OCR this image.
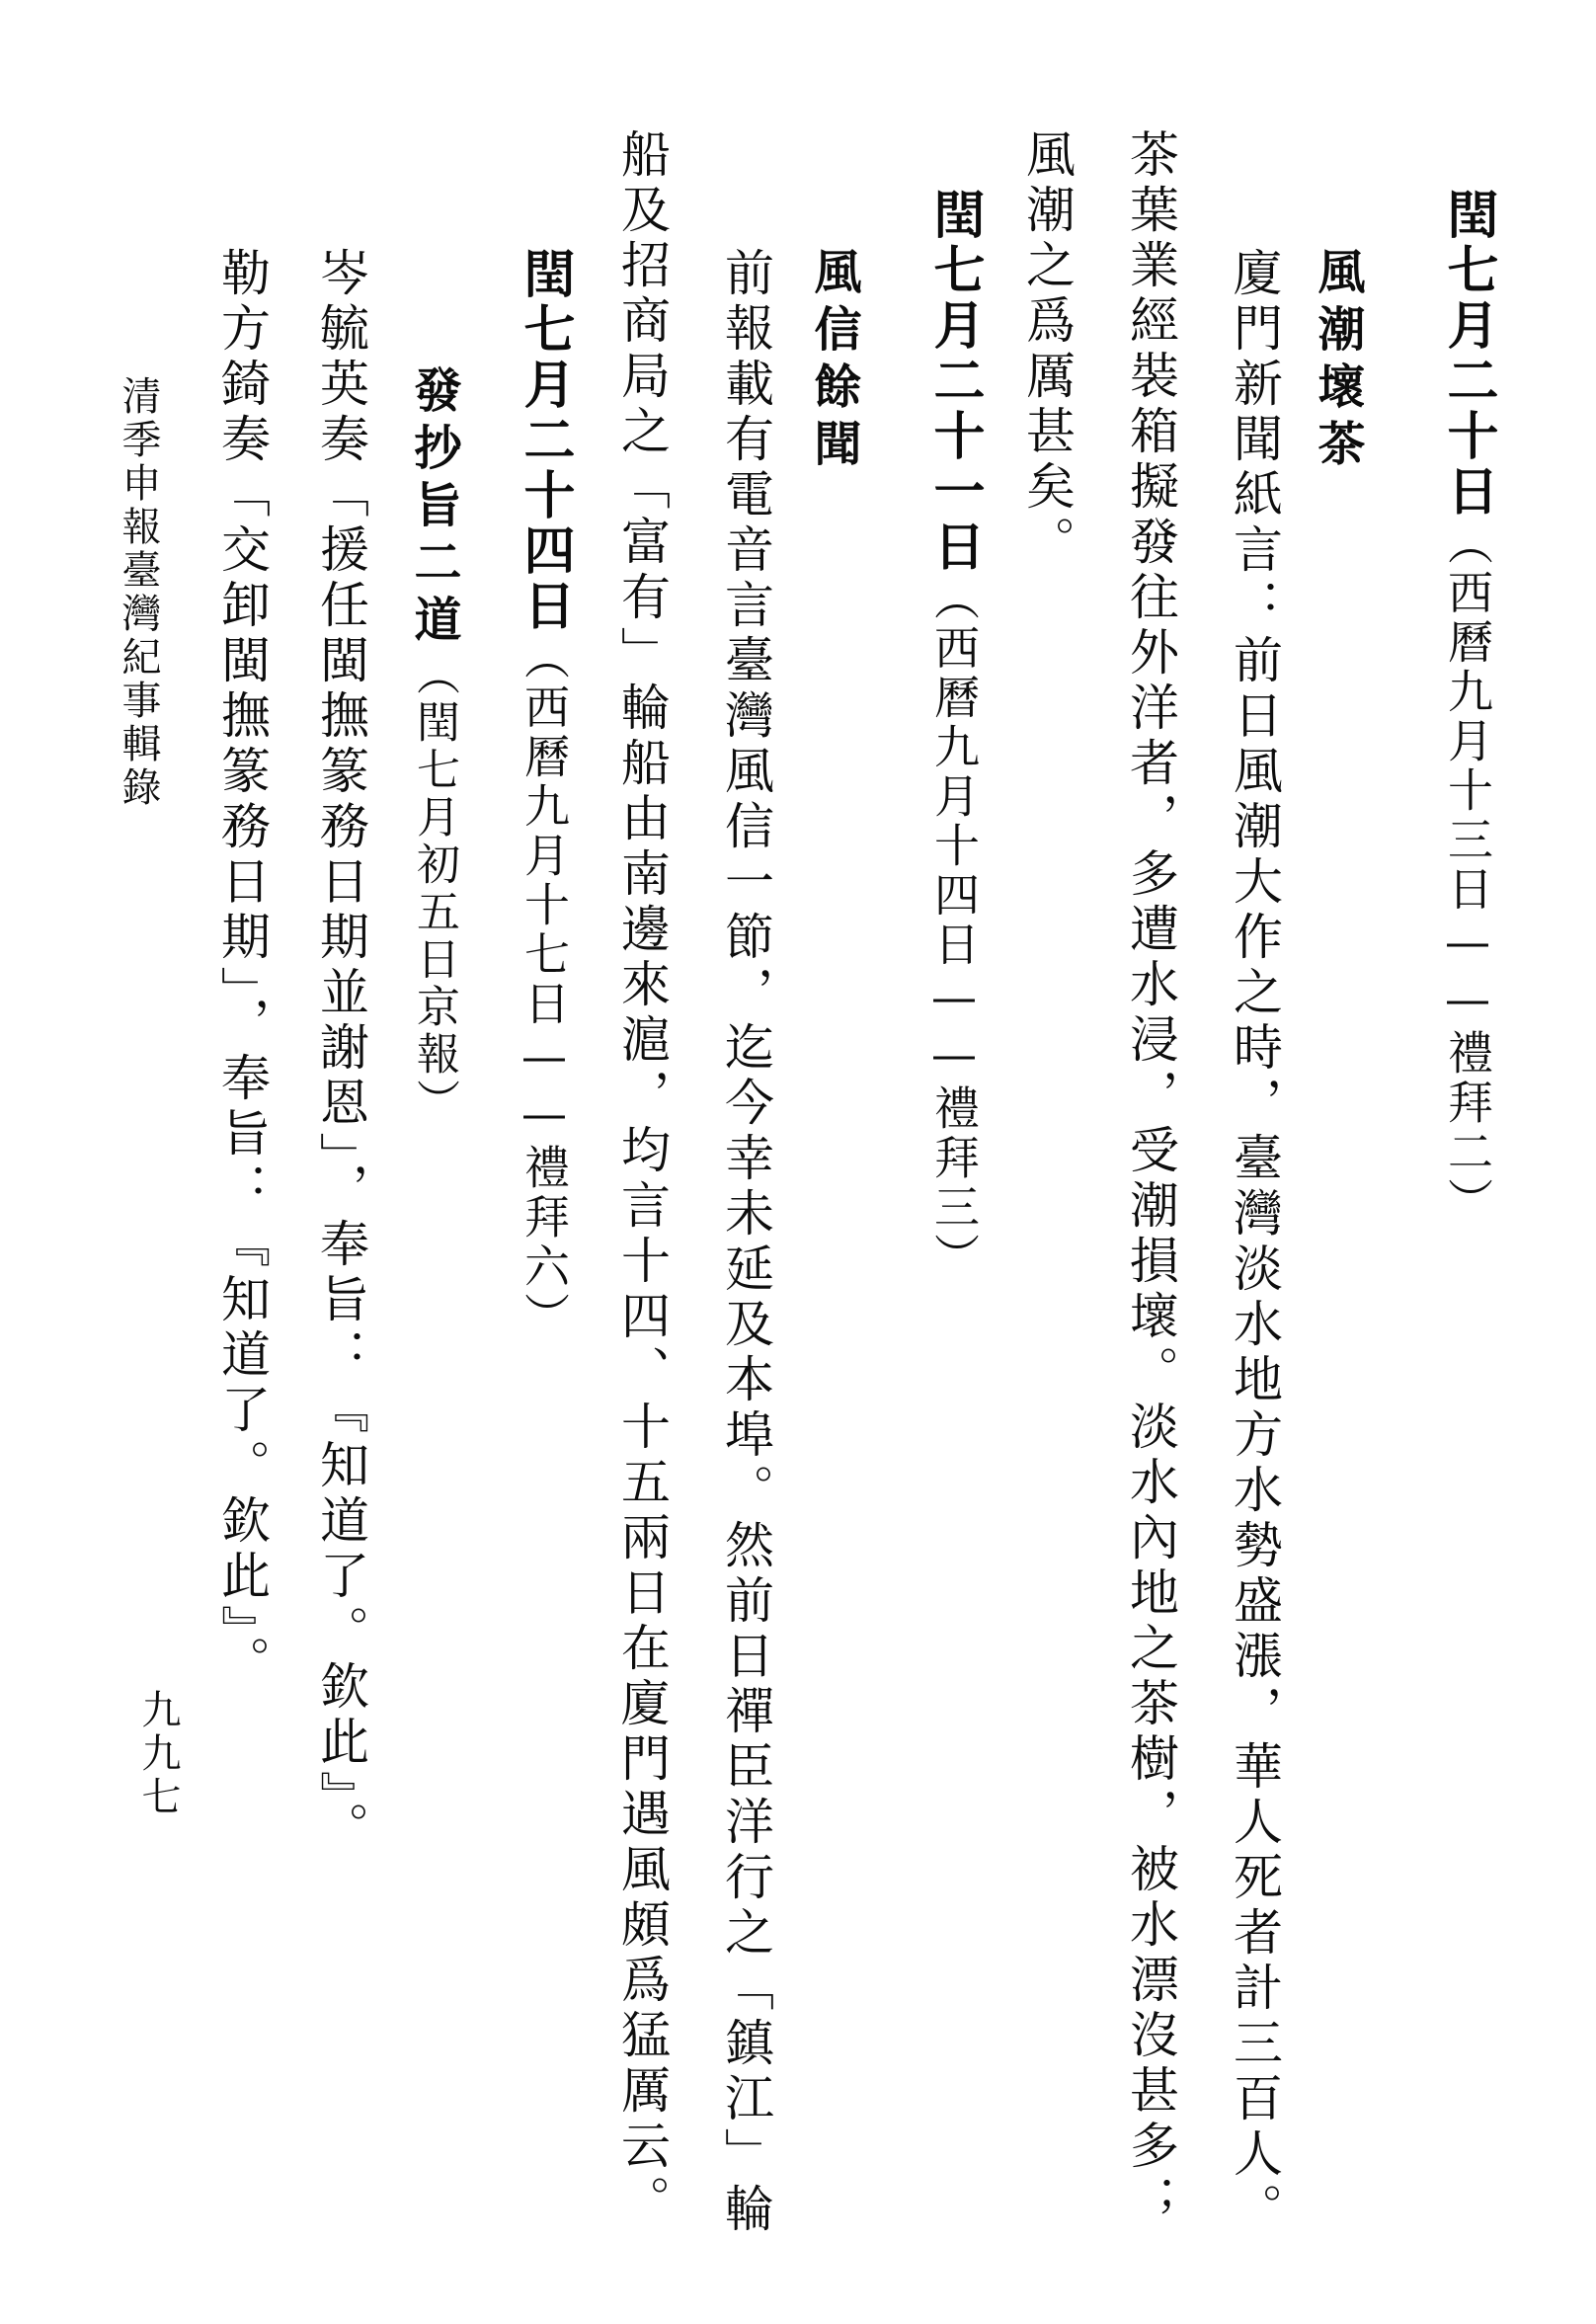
閏七月二十日（西曆九月十三日——禮拜二）
風潮壞茶
廈門新聞紙言：前日風潮大作之時，臺灣淡水地方水勢盛漲，華人死者計三百人。
茶葉業經裝箱擬發往外洋者，多遭水浸，受潮損壞。淡水內地之茶樹，被水漂沒甚多；
風潮之爲厲甚矣。
閏七月二十一日（西曆九月十四日——禮拜三）
風信餘聞
前報載有電音言臺灣風信一節，迄今幸未延及本埠。然前日禪臣洋行之「鎮江」輪
船及招商局之「富有」輪船由南邊來滬，均言十四、十五兩日在廈門遇風頗爲猛厲云。
閏七月二十四日（西曆九月十七日——禮拜六）
發抄旨二道（閏七月初五日京報）
岑毓英奏「援任閩撫篆務日期並謝恩」，奉旨：『知道了。欽此』。
勒方錡奏「交卸閩撫篆務日期」，奉旨：『知道了。欽此』。
清季申報臺灣紀事輯錄
九九七
